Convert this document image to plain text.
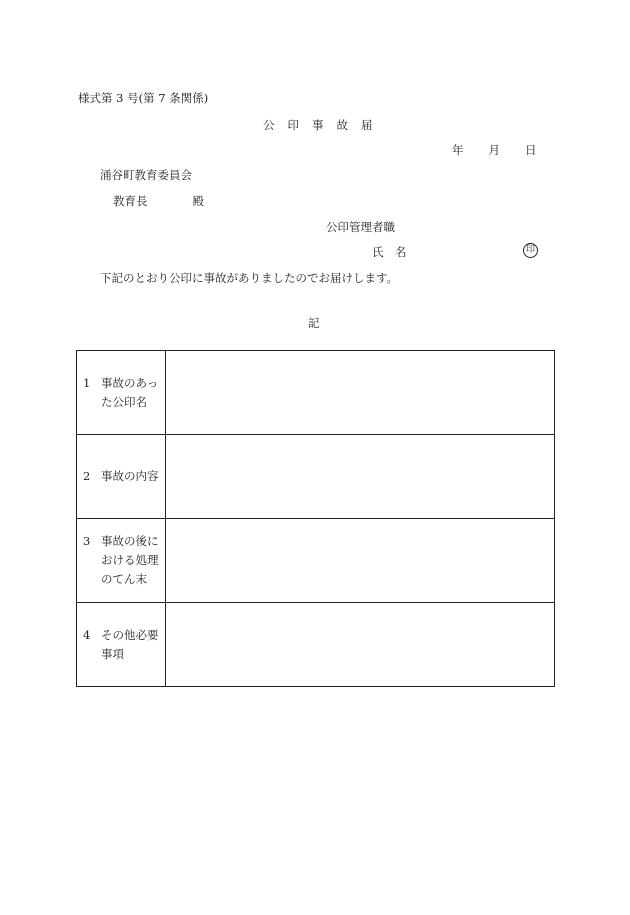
様式第 3 号(第 7 条関係)
公 印 事 故 届
年 月 日
涌谷町教育委員会
教育長	殿
公印管理者職
氏　名	印
下記のとおり公印に事故がありましたのでお届けします。
記
1 事故のあった公印名	

2 事故の内容	

3 事故の後における処理のてん末	

4 その他必要事項	
